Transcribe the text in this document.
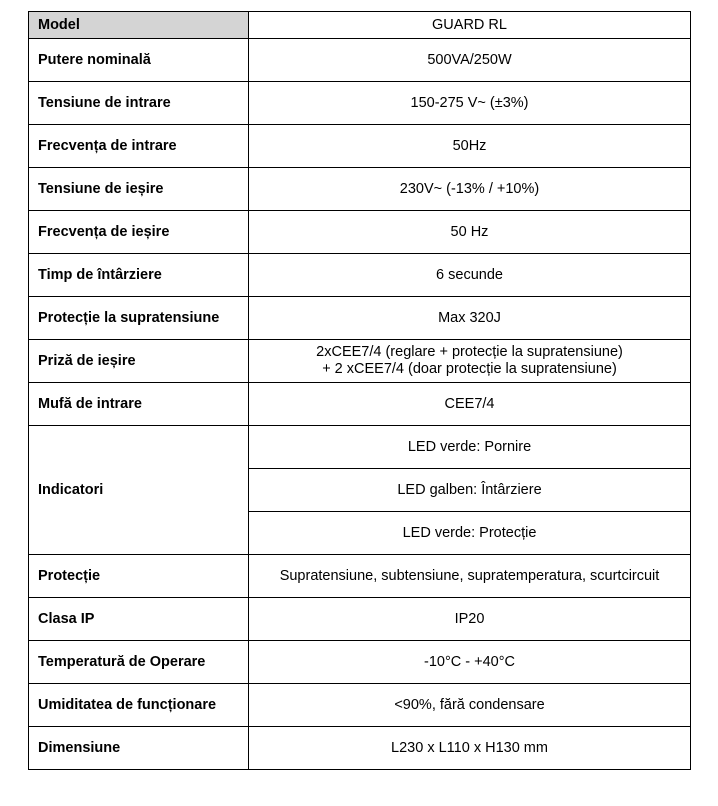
Model	GUARD RL
Putere nominală	500VA/250W
Tensiune de intrare	150-275 V~ (±3%)
Frecvența de intrare	50Hz
Tensiune de ieșire	230V~ (-13% / +10%)
Frecvența de ieșire	50 Hz
Timp de întârziere	6 secunde
Protecție la supratensiune	Max 320J
Priză de ieșire	2xCEE7/4 (reglare + protecție la supratensiune)
+ 2 xCEE7/4 (doar protecție la supratensiune)

Mufă de intrare	CEE7/4
Indicatori	LED verde: Pornire
	LED galben: Întârziere
	LED verde: Protecție
Protecție	Supratensiune, subtensiune, supratemperatura, scurtcircuit
Clasa IP	IP20
Temperatură de Operare	-10°C - +40°C
Umiditatea de funcționare	<90%, fără condensare
Dimensiune	L230 x L110 x H130 mm
